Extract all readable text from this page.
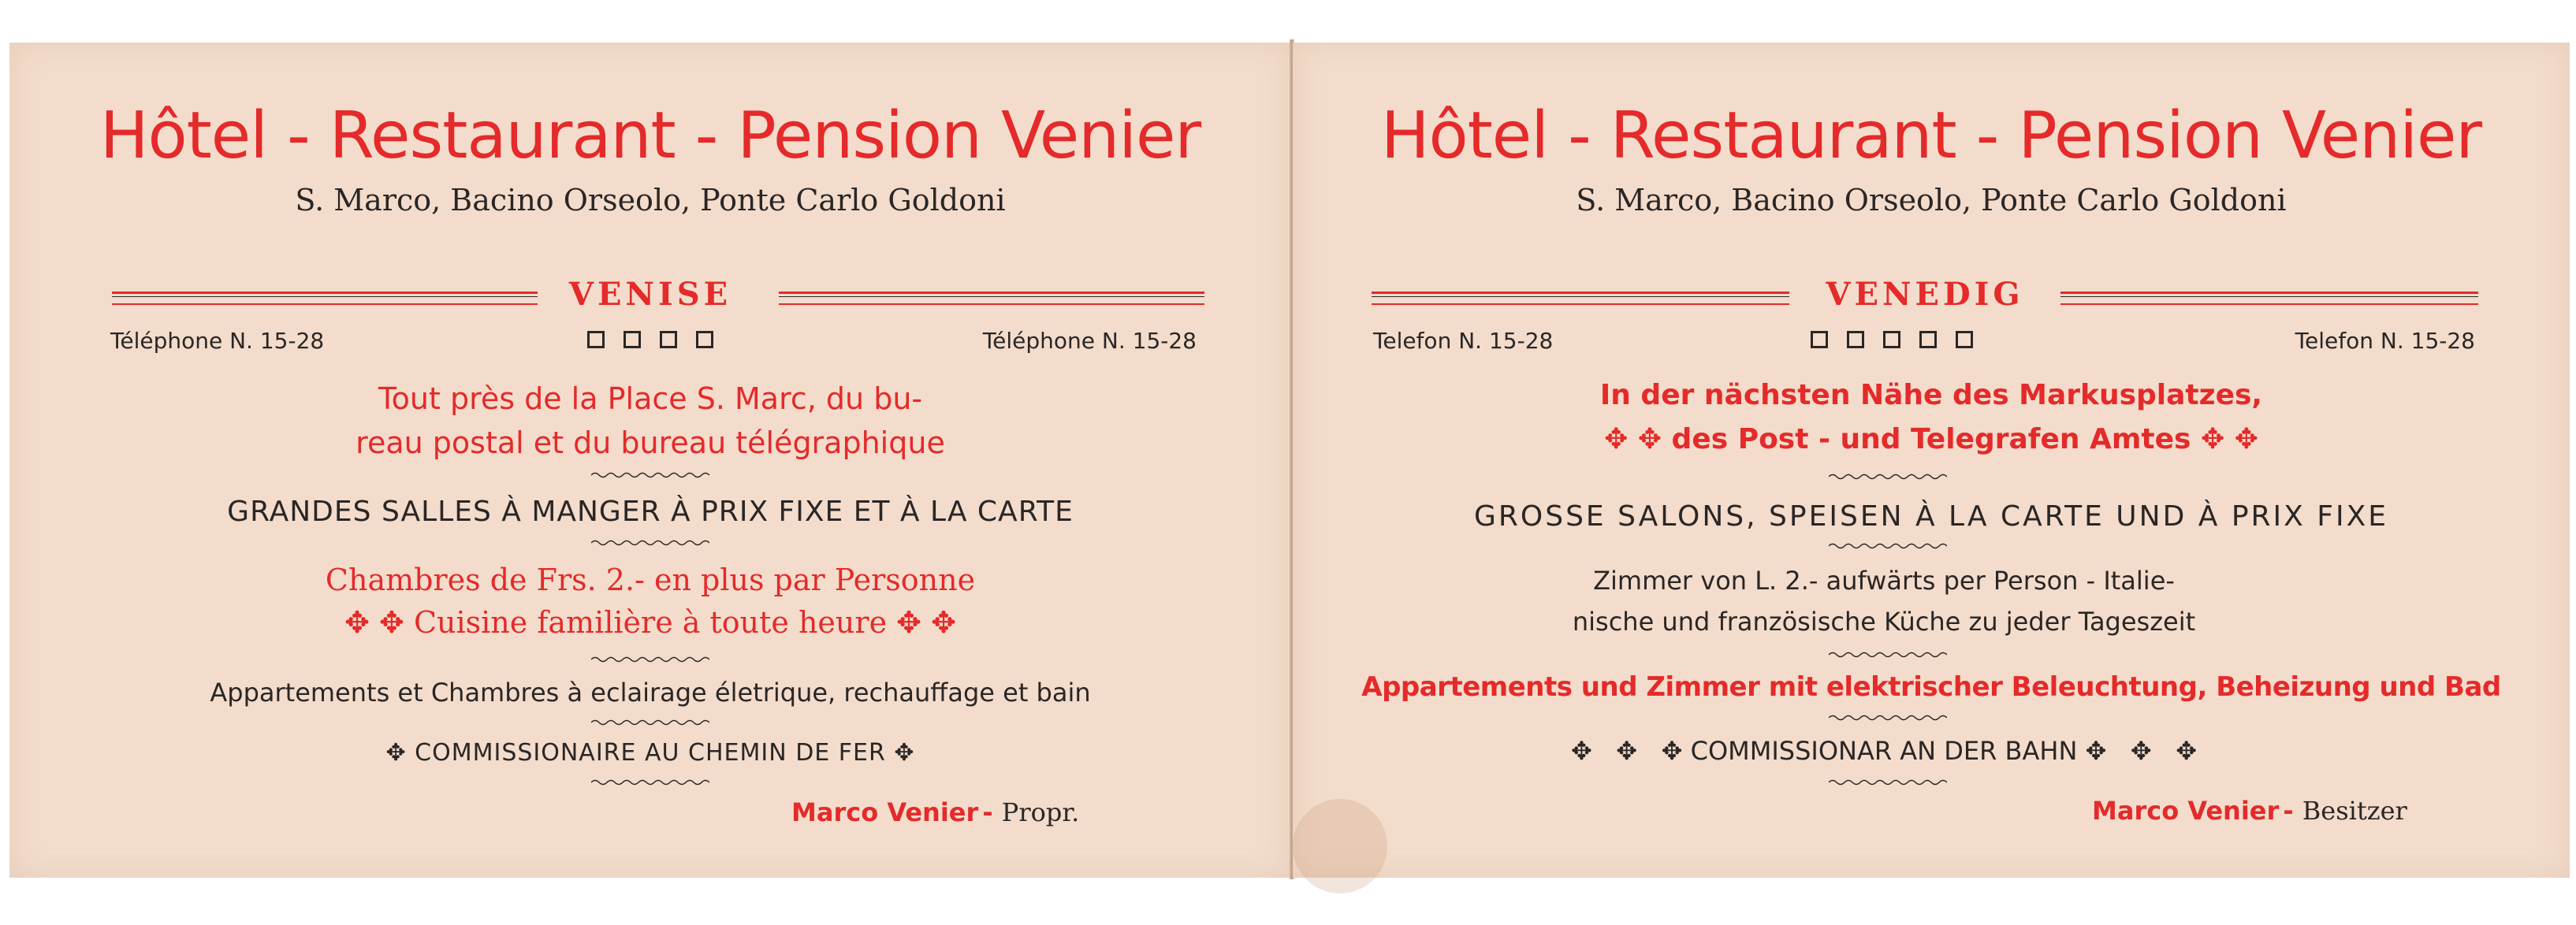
Hôtel - Restaurant - Pension Venier
S. Marco, Bacino Orseolo, Ponte Carlo Goldoni
VENISE
Téléphone N. 15-28	Téléphone N. 15-28
Tout près de la Place S. Marc, du bu-
reau postal et du bureau télégraphique
GRANDES SALLES À MANGER À PRIX FIXE ET À LA CARTE
Chambres de Frs. 2.- en plus par Personne
✥ ✥ Cuisine familière à toute heure ✥ ✥
Appartements et Chambres à eclairage életrique, rechauffage et bain
✥ COMMISSIONAIRE AU CHEMIN DE FER ✥
Marco Venier - Propr.
Hôtel - Restaurant - Pension Venier
S. Marco, Bacino Orseolo, Ponte Carlo Goldoni
VENEDIG
Telefon N. 15-28	Telefon N. 15-28
In der nächsten Nähe des Markusplatzes,
✥ ✥ des Post - und Telegrafen Amtes ✥ ✥
GROSSE SALONS, SPEISEN À LA CARTE UND À PRIX FIXE
Zimmer von L. 2.- aufwärts per Person - Italie-
nische und französische Küche zu jeder Tageszeit
Appartements und Zimmer mit elektrischer Beleuchtung, Beheizung und Bad
✥   ✥   ✥ COMMISSIONAR AN DER BAHN ✥   ✥   ✥
Marco Venier - Besitzer
